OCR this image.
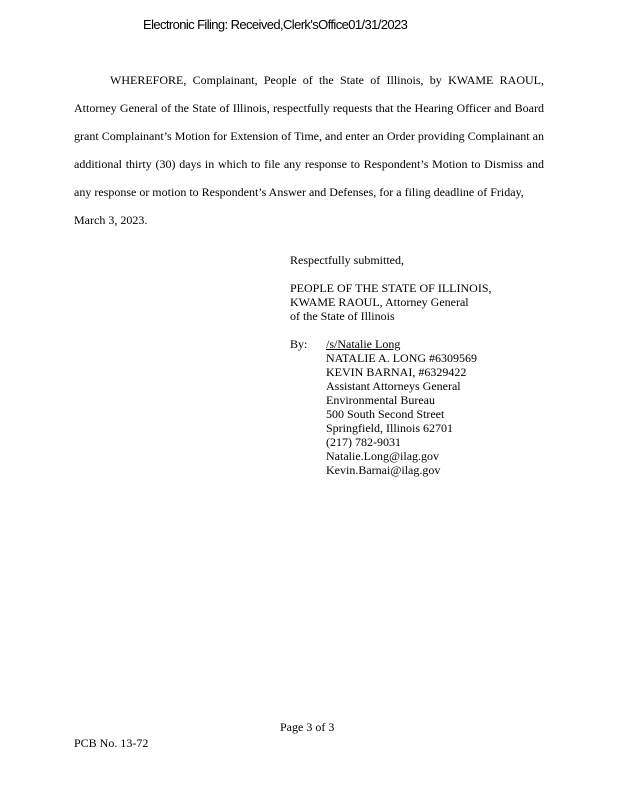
Electronic Filing: Received,Clerk'sOffice01/31/2023
WHEREFORE, Complainant, People of the State of Illinois, by KWAME RAOUL,
Attorney General of the State of Illinois, respectfully requests that the Hearing Officer and Board
grant Complainant’s Motion for Extension of Time, and enter an Order providing Complainant an
additional thirty (30) days in which to file any response to Respondent’s Motion to Dismiss and
any response or motion to Respondent’s Answer and Defenses, for a filing deadline of Friday,
March 3, 2023.
Respectfully submitted,
PEOPLE OF THE STATE OF ILLINOIS,
KWAME RAOUL, Attorney General
of the State of Illinois
By: /s/Natalie Long
NATALIE A. LONG #6309569
KEVIN BARNAI, #6329422
Assistant Attorneys General
Environmental Bureau
500 South Second Street
Springfield, Illinois 62701
(217) 782-9031
Natalie.Long@ilag.gov
Kevin.Barnai@ilag.gov
Page 3 of 3
PCB No. 13-72
